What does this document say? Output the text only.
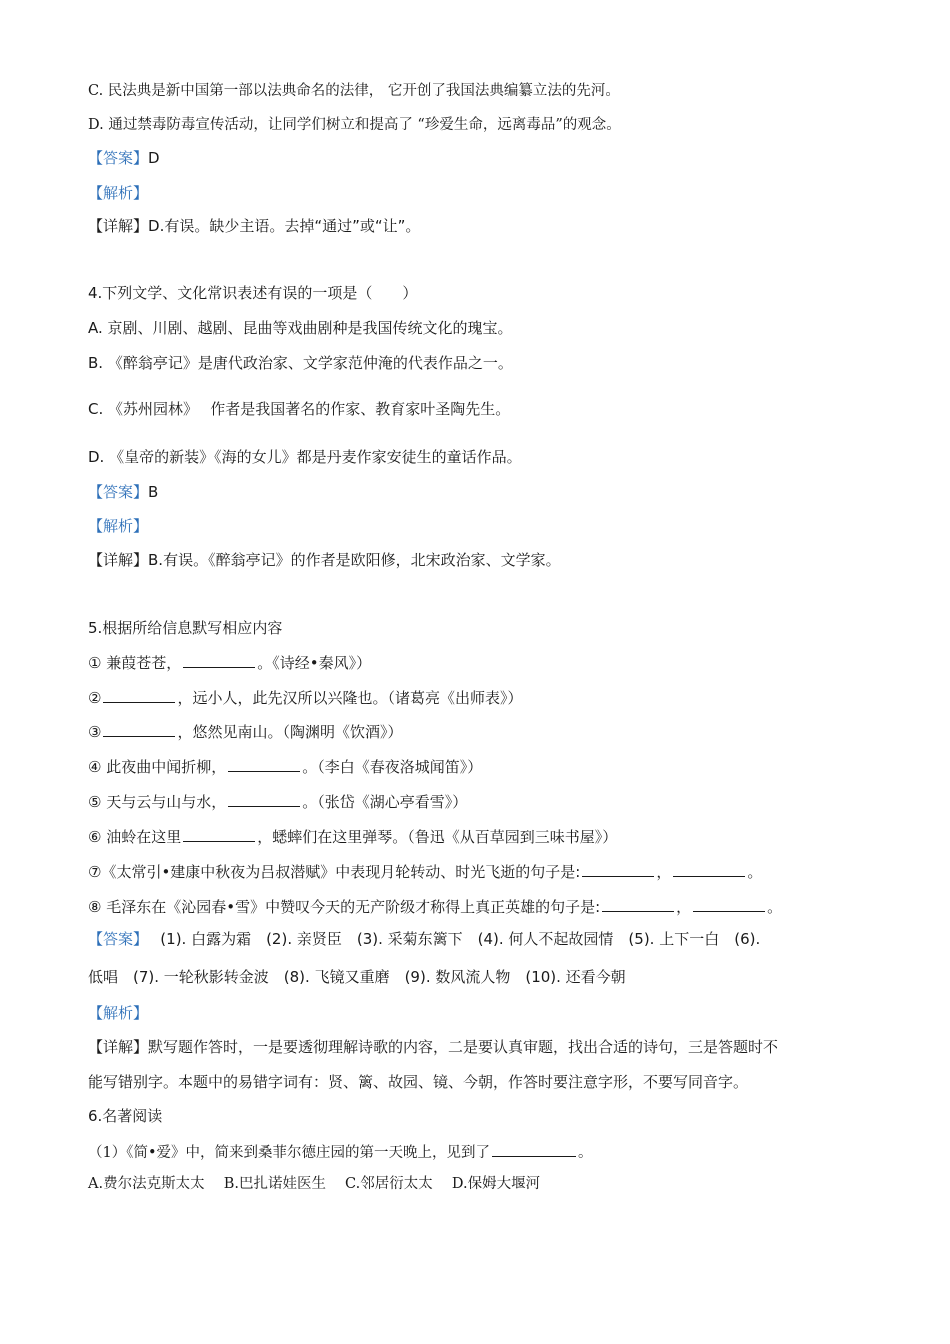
C. 民法典是新中国第一部以法典命名的法律， 它开创了我国法典编纂立法的先河。
D. 通过禁毒防毒宣传活动，让同学们树立和提高了 “珍爱生命，远离毒品”的观念。
【答案】D
【解析】
【详解】D.有误。缺少主语。去掉“通过”或“让”。
4.下列文学、文化常识表述有误的一项是（　　）
A. 京剧、川剧、越剧、昆曲等戏曲剧种是我国传统文化的瑰宝。
B. 《醉翁亭记》是唐代政治家、文学家范仲淹的代表作品之一。
C. 《苏州园林》　 作者是我国著名的作家、教育家叶圣陶先生。
D. 《皇帝的新装》《海的女儿》都是丹麦作家安徒生的童话作品。
【答案】B
【解析】
【详解】B.有误。《醉翁亭记》的作者是欧阳修，北宋政治家、文学家。
5.根据所给信息默写相应内容
① 兼葭苍苍，	。《诗经•秦风》）
②	，远小人，此先汉所以兴隆也。（诸葛亮《出师表》）
③	，悠然见南山。（陶渊明《饮酒》）
④ 此夜曲中闻折柳，	。（李白《春夜洛城闻笛》）
⑤ 天与云与山与水，	。（张岱《湖心亭看雪》）
⑥ 油蛉在这里	，蟋蟀们在这里弹琴。（鲁迅《从百草园到三味书屋》）
⑦《太常引•建康中秋夜为吕叔潜赋》中表现月轮转动、时光飞逝的句子是:	，	。
⑧ 毛泽东在《沁园春•雪》中赞叹今天的无产阶级才称得上真正英雄的句子是:	，	。
【答案】　 (1). 白露为霜　(2). 亲贤臣　(3). 采菊东篱下　(4). 何人不起故园情　(5). 上下一白　(6).
低唱　(7). 一轮秋影转金波　(8). 飞镜又重磨　(9). 数风流人物　(10). 还看今朝
【解析】
【详解】默写题作答时，一是要透彻理解诗歌的内容，二是要认真审题，找出合适的诗句，三是答题时不
能写错别字。本题中的易错字词有：贤、篱、故园、镜、今朝，作答时要注意字形，不要写同音字。
6.名著阅读
（1）《简•爱》中，简来到桑菲尔德庄园的第一天晚上，见到了	。
A.费尔法克斯太太　 B.巴扎诺娃医生　 C.邻居衍太太　 D.保姆大堰河
